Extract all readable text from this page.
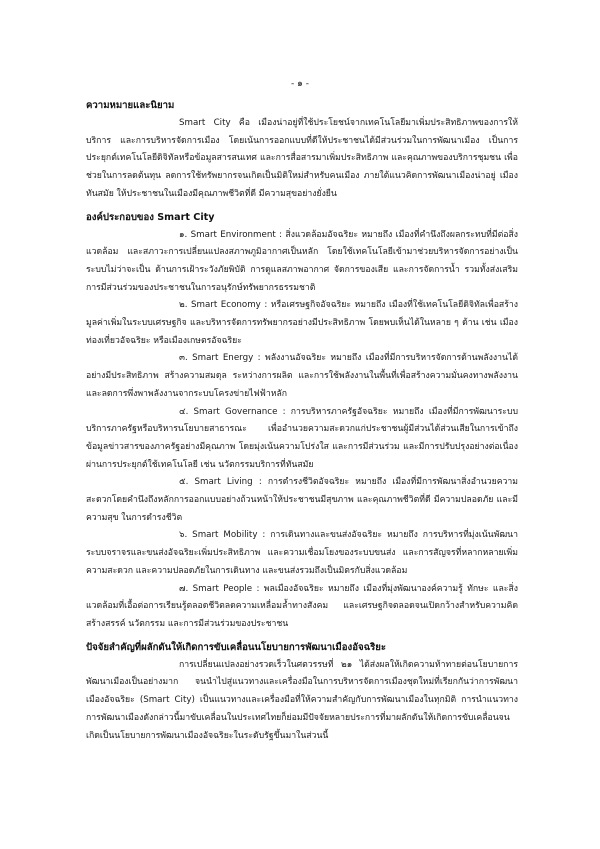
- ๑ -
ความหมายและนิยาม

Smart City คือ เมืองน่าอยู่ที่ใช้ประโยชน์จากเทคโนโลยีมาเพิ่มประสิทธิภาพของการให้บริการ และการบริหารจัดการเมือง โดยเน้นการออกแบบที่ดีให้ประชาชนได้มีส่วนร่วมในการพัฒนาเมือง เป็นการประยุกต์เทคโนโลยีดิจิทัลหรือข้อมูลสารสนเทศ และการสื่อสารมาเพิ่มประสิทธิภาพ และคุณภาพของบริการชุมชน เพื่อช่วยในการลดต้นทุน ลดการใช้ทรัพยากรจนเกิดเป็นมิติใหม่สำหรับคนเมือง ภายใต้แนวคิดการพัฒนาเมืองน่าอยู่ เมืองทันสมัย ให้ประชาชนในเมืองมีคุณภาพชีวิตที่ดี มีความสุขอย่างยั่งยืน

องค์ประกอบของ Smart City

๑. Smart Environment : สิ่งแวดล้อมอัจฉริยะ หมายถึง เมืองที่คำนึงถึงผลกระทบที่มีต่อสิ่งแวดล้อม และสภาวะการเปลี่ยนแปลงสภาพภูมิอากาศเป็นหลัก โดยใช้เทคโนโลยีเข้ามาช่วยบริหารจัดการอย่างเป็นระบบไม่ว่าจะเป็น ด้านการเฝ้าระวังภัยพิบัติ การดูแลสภาพอากาศ จัดการของเสีย และการจัดการน้ำ รวมทั้งส่งเสริม การมีส่วนร่วมของประชาชนในการอนุรักษ์ทรัพยากรธรรมชาติ

๒. Smart Economy : หรือเศรษฐกิจอัจฉริยะ หมายถึง เมืองที่ใช้เทคโนโลยีดิจิทัลเพื่อสร้างมูลค่าเพิ่มในระบบเศรษฐกิจ และบริหารจัดการทรัพยากรอย่างมีประสิทธิภาพ โดยพบเห็นได้ในหลาย ๆ ด้าน เช่น เมือง ท่องเที่ยวอัจฉริยะ หรือเมืองเกษตรอัจฉริยะ

๓. Smart Energy : พลังงานอัจฉริยะ หมายถึง เมืองที่มีการบริหารจัดการด้านพลังงานได้อย่างมีประสิทธิภาพ สร้างความสมดุล ระหว่างการผลิต และการใช้พลังงานในพื้นที่เพื่อสร้างความมั่นคงทางพลังงาน และลดการพึ่งพาพลังงานจากระบบโครงข่ายไฟฟ้าหลัก

๔. Smart Governance : การบริหารภาครัฐอัจฉริยะ หมายถึง เมืองที่มีการพัฒนาระบบบริการภาครัฐหรือบริหารนโยบายสาธารณะ เพื่ออำนวยความสะดวกแก่ประชาชนผู้มีส่วนได้ส่วนเสียในการเข้าถึงข้อมูลข่าวสารของภาครัฐอย่างมีคุณภาพ โดยมุ่งเน้นความโปร่งใส และการมีส่วนร่วม และมีการปรับปรุงอย่างต่อเนื่องผ่านการประยุกต์ใช้เทคโนโลยี เช่น นวัตกรรมบริการที่ทันสมัย

๕. Smart Living : การดำรงชีวิตอัจฉริยะ หมายถึง เมืองที่มีการพัฒนาสิ่งอำนวยความสะดวกโดยคำนึงถึงหลักการออกแบบอย่างถ้วนหน้าให้ประชาชนมีสุขภาพ และคุณภาพชีวิตที่ดี มีความปลอดภัย และมีความสุข ในการดำรงชีวิต

๖. Smart Mobility : การเดินทางและขนส่งอัจฉริยะ หมายถึง การบริหารที่มุ่งเน้นพัฒนาระบบจราจรและขนส่งอัจฉริยะเพิ่มประสิทธิภาพ และความเชื่อมโยงของระบบขนส่ง และการสัญจรที่หลากหลายเพิ่มความสะดวก และความปลอดภัยในการเดินทาง และขนส่งรวมถึงเป็นมิตรกับสิ่งแวดล้อม

๗. Smart People : พลเมืองอัจฉริยะ หมายถึง เมืองที่มุ่งพัฒนาองค์ความรู้ ทักษะ และสิ่งแวดล้อมที่เอื้อต่อการเรียนรู้ตลอดชีวิตลดความเหลื่อมล้ำทางสังคม และเศรษฐกิจตลอดจนเปิดกว้างสำหรับความคิดสร้างสรรค์ นวัตกรรม และการมีส่วนร่วมของประชาชน

ปัจจัยสำคัญที่ผลักดันให้เกิดการขับเคลื่อนนโยบายการพัฒนาเมืองอัจฉริยะ

การเปลี่ยนแปลงอย่างรวดเร็วในศตวรรษที่ ๒๑ ได้ส่งผลให้เกิดความท้าทายต่อนโยบายการพัฒนาเมืองเป็นอย่างมาก จนนำไปสู่แนวทางและเครื่องมือในการบริหารจัดการเมืองชุดใหม่ที่เรียกกันว่าการพัฒนาเมืองอัจฉริยะ (Smart City) เป็นแนวทางและเครื่องมือที่ให้ความสำคัญกับการพัฒนาเมืองในทุกมิติ การนำแนวทางการพัฒนาเมืองดังกล่าวนี้มาขับเคลื่อนในประเทศไทยก็ย่อมมีปัจจัยหลายประการที่มาผลักดันให้เกิดการขับเคลื่อนจนเกิดเป็นนโยบายการพัฒนาเมืองอัจฉริยะในระดับรัฐขึ้นมาในส่วนนี้
